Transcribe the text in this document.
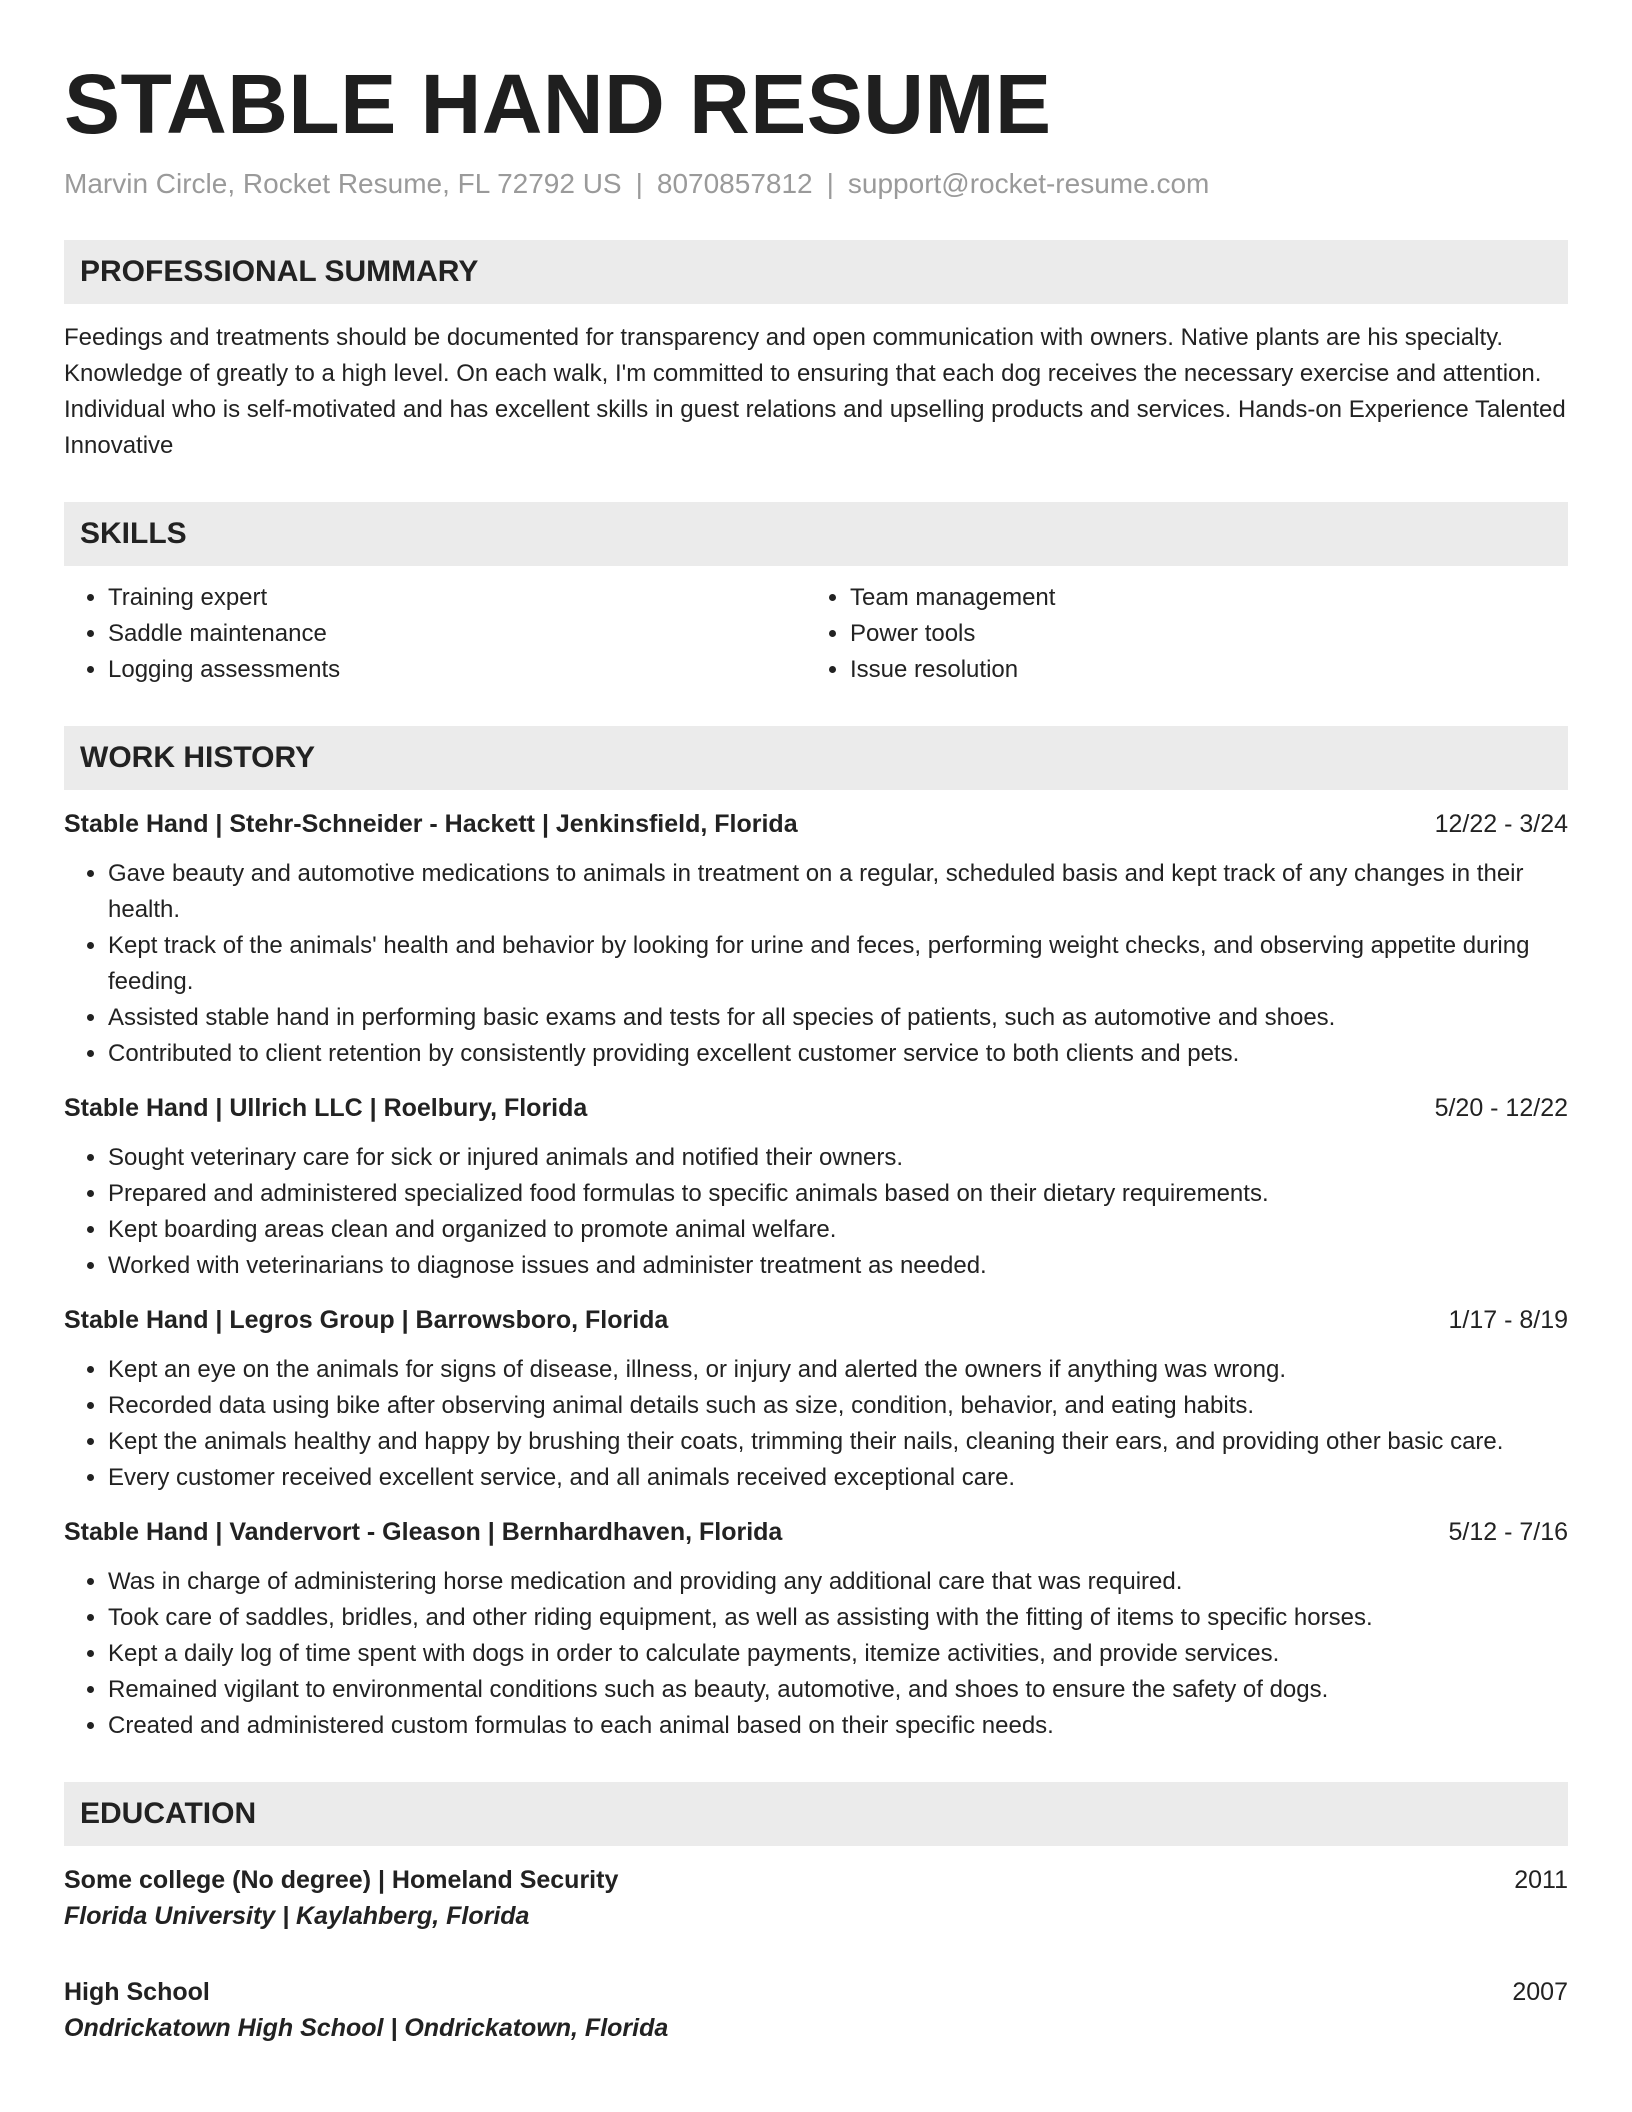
STABLE HAND RESUME
Marvin Circle, Rocket Resume, FL 72792 US | 8070857812 | support@rocket-resume.com
PROFESSIONAL SUMMARY
Feedings and treatments should be documented for transparency and open communication with owners. Native plants are his specialty. Knowledge of greatly to a high level. On each walk, I'm committed to ensuring that each dog receives the necessary exercise and attention. Individual who is self-motivated and has excellent skills in guest relations and upselling products and services. Hands-on Experience Talented Innovative
SKILLS
• Training expert
• Saddle maintenance
• Logging assessments
• Team management
• Power tools
• Issue resolution
WORK HISTORY
Stable Hand | Stehr-Schneider - Hackett | Jenkinsfield, Florida	12/22 - 3/24
• Gave beauty and automotive medications to animals in treatment on a regular, scheduled basis and kept track of any changes in their health.
• Kept track of the animals' health and behavior by looking for urine and feces, performing weight checks, and observing appetite during feeding.
• Assisted stable hand in performing basic exams and tests for all species of patients, such as automotive and shoes.
• Contributed to client retention by consistently providing excellent customer service to both clients and pets.
Stable Hand | Ullrich LLC | Roelbury, Florida	5/20 - 12/22
• Sought veterinary care for sick or injured animals and notified their owners.
• Prepared and administered specialized food formulas to specific animals based on their dietary requirements.
• Kept boarding areas clean and organized to promote animal welfare.
• Worked with veterinarians to diagnose issues and administer treatment as needed.
Stable Hand | Legros Group | Barrowsboro, Florida	1/17 - 8/19
• Kept an eye on the animals for signs of disease, illness, or injury and alerted the owners if anything was wrong.
• Recorded data using bike after observing animal details such as size, condition, behavior, and eating habits.
• Kept the animals healthy and happy by brushing their coats, trimming their nails, cleaning their ears, and providing other basic care.
• Every customer received excellent service, and all animals received exceptional care.
Stable Hand | Vandervort - Gleason | Bernhardhaven, Florida	5/12 - 7/16
• Was in charge of administering horse medication and providing any additional care that was required.
• Took care of saddles, bridles, and other riding equipment, as well as assisting with the fitting of items to specific horses.
• Kept a daily log of time spent with dogs in order to calculate payments, itemize activities, and provide services.
• Remained vigilant to environmental conditions such as beauty, automotive, and shoes to ensure the safety of dogs.
• Created and administered custom formulas to each animal based on their specific needs.
EDUCATION
Some college (No degree) | Homeland Security	2011
Florida University | Kaylahberg, Florida
High School	2007
Ondrickatown High School | Ondrickatown, Florida
